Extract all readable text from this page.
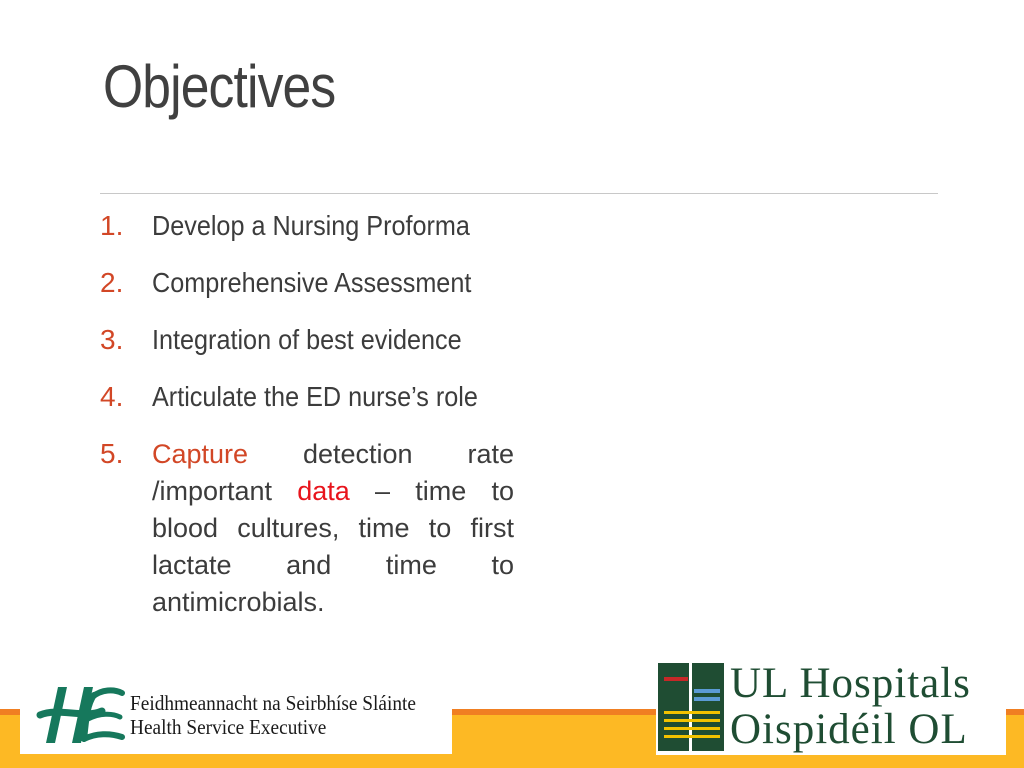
Objectives
1. Develop a Nursing Proforma
2. Comprehensive Assessment
3. Integration of best evidence
4. Articulate the ED nurse’s role
5. Capture detection rate /important data – time to blood cultures, time to first lactate and time to antimicrobials.
Feidhmeannacht na Seirbhíse Sláinte
Health Service Executive
UL Hospitals
Oispidéil OL
